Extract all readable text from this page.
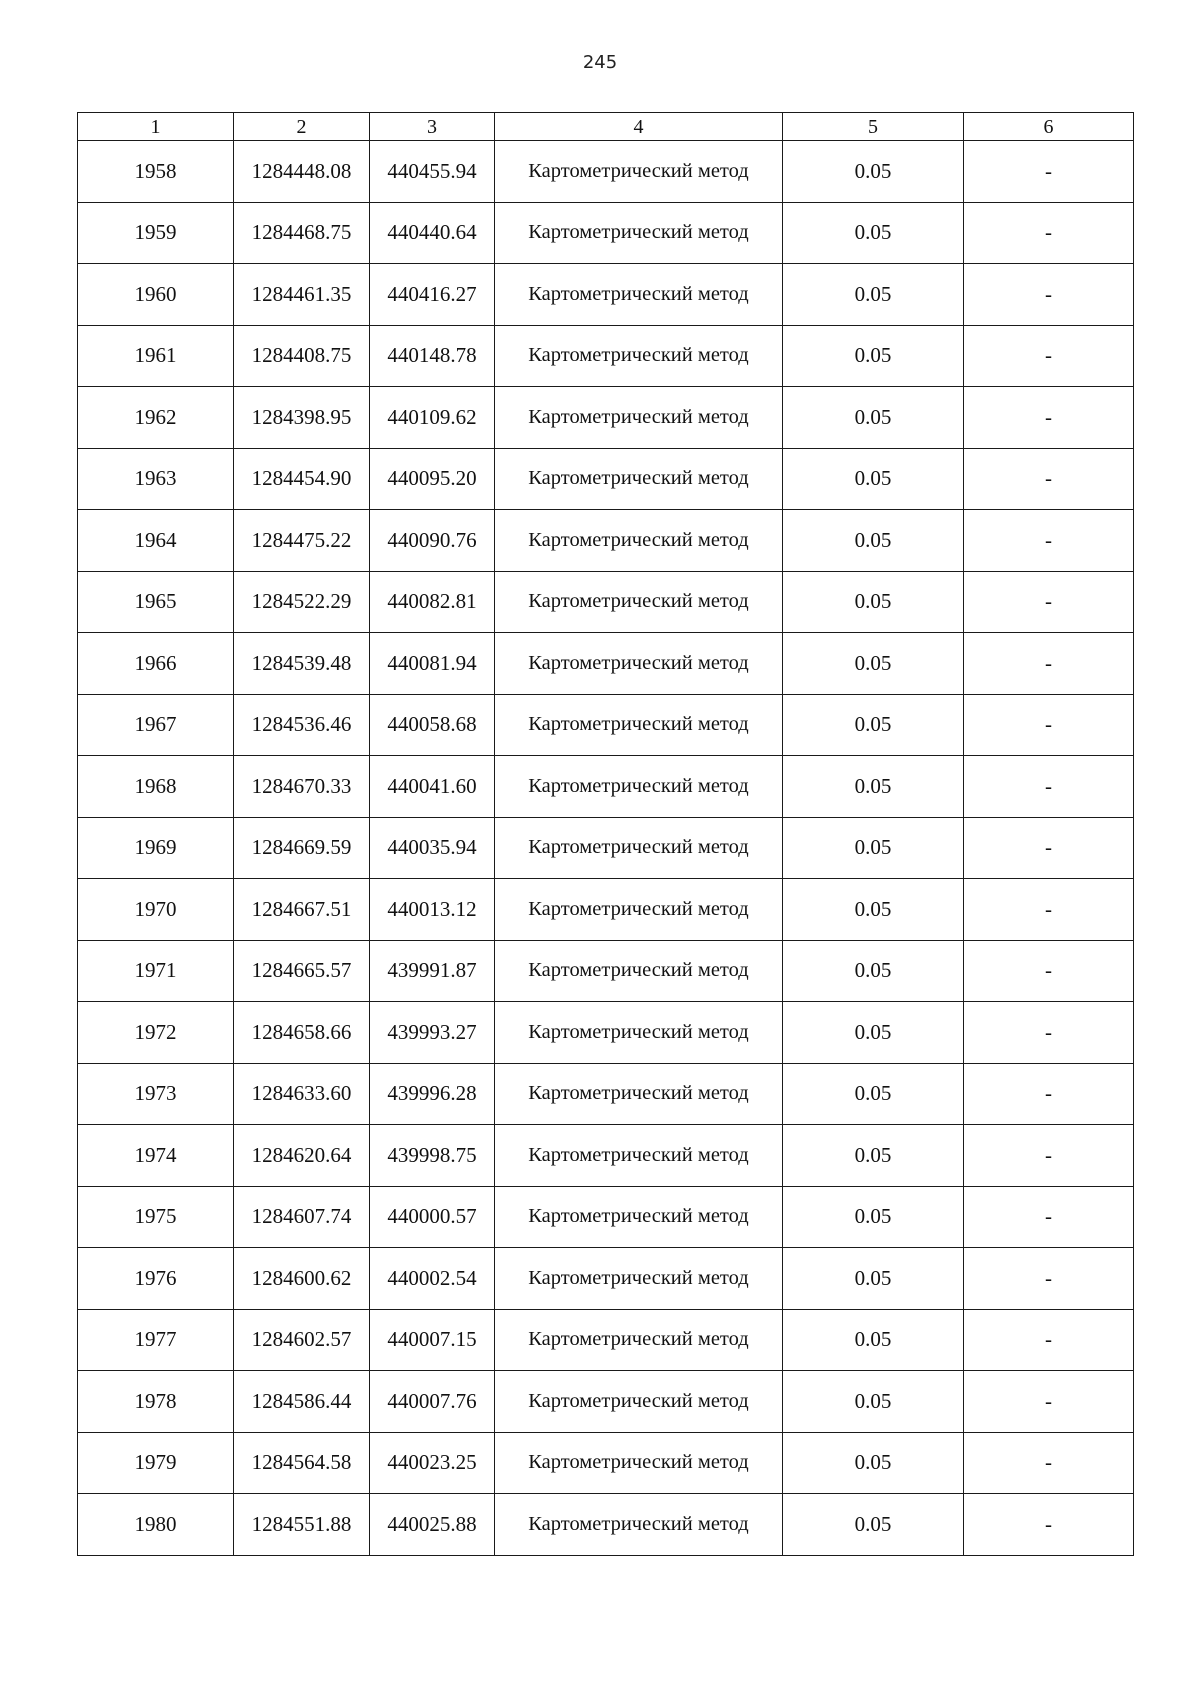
245
1	2	3	4	5	6
1958	1284448.08	440455.94	Картометрический метод	0.05	-
1959	1284468.75	440440.64	Картометрический метод	0.05	-
1960	1284461.35	440416.27	Картометрический метод	0.05	-
1961	1284408.75	440148.78	Картометрический метод	0.05	-
1962	1284398.95	440109.62	Картометрический метод	0.05	-
1963	1284454.90	440095.20	Картометрический метод	0.05	-
1964	1284475.22	440090.76	Картометрический метод	0.05	-
1965	1284522.29	440082.81	Картометрический метод	0.05	-
1966	1284539.48	440081.94	Картометрический метод	0.05	-
1967	1284536.46	440058.68	Картометрический метод	0.05	-
1968	1284670.33	440041.60	Картометрический метод	0.05	-
1969	1284669.59	440035.94	Картометрический метод	0.05	-
1970	1284667.51	440013.12	Картометрический метод	0.05	-
1971	1284665.57	439991.87	Картометрический метод	0.05	-
1972	1284658.66	439993.27	Картометрический метод	0.05	-
1973	1284633.60	439996.28	Картометрический метод	0.05	-
1974	1284620.64	439998.75	Картометрический метод	0.05	-
1975	1284607.74	440000.57	Картометрический метод	0.05	-
1976	1284600.62	440002.54	Картометрический метод	0.05	-
1977	1284602.57	440007.15	Картометрический метод	0.05	-
1978	1284586.44	440007.76	Картометрический метод	0.05	-
1979	1284564.58	440023.25	Картометрический метод	0.05	-
1980	1284551.88	440025.88	Картометрический метод	0.05	-
